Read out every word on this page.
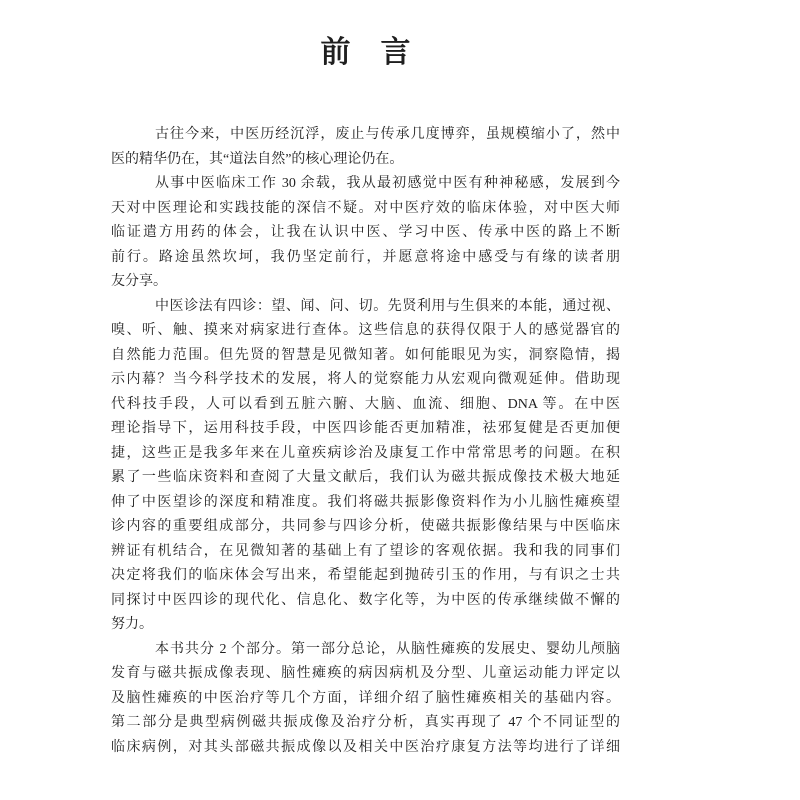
前　言
古往今来，中医历经沉浮，废止与传承几度博弈，虽规模缩小了，然中
医的精华仍在，其“道法自然”的核心理论仍在。
从事中医临床工作 30 余载，我从最初感觉中医有种神秘感，发展到今
天对中医理论和实践技能的深信不疑。对中医疗效的临床体验，对中医大师
临证遣方用药的体会，让我在认识中医、学习中医、传承中医的路上不断
前行。路途虽然坎坷，我仍坚定前行，并愿意将途中感受与有缘的读者朋
友分享。
中医诊法有四诊：望、闻、问、切。先贤利用与生俱来的本能，通过视、
嗅、听、触、摸来对病家进行查体。这些信息的获得仅限于人的感觉器官的
自然能力范围。但先贤的智慧是见微知著。如何能眼见为实，洞察隐情，揭
示内幕？当今科学技术的发展，将人的觉察能力从宏观向微观延伸。借助现
代科技手段，人可以看到五脏六腑、大脑、血流、细胞、DNA 等。在中医
理论指导下，运用科技手段，中医四诊能否更加精准，祛邪复健是否更加便
捷，这些正是我多年来在儿童疾病诊治及康复工作中常常思考的问题。在积
累了一些临床资料和查阅了大量文献后，我们认为磁共振成像技术极大地延
伸了中医望诊的深度和精准度。我们将磁共振影像资料作为小儿脑性瘫痪望
诊内容的重要组成部分，共同参与四诊分析，使磁共振影像结果与中医临床
辨证有机结合，在见微知著的基础上有了望诊的客观依据。我和我的同事们
决定将我们的临床体会写出来，希望能起到抛砖引玉的作用，与有识之士共
同探讨中医四诊的现代化、信息化、数字化等，为中医的传承继续做不懈的
努力。
本书共分 2 个部分。第一部分总论，从脑性瘫痪的发展史、婴幼儿颅脑
发育与磁共振成像表现、脑性瘫痪的病因病机及分型、儿童运动能力评定以
及脑性瘫痪的中医治疗等几个方面，详细介绍了脑性瘫痪相关的基础内容。
第二部分是典型病例磁共振成像及治疗分析，真实再现了 47 个不同证型的
临床病例，对其头部磁共振成像以及相关中医治疗康复方法等均进行了详细
